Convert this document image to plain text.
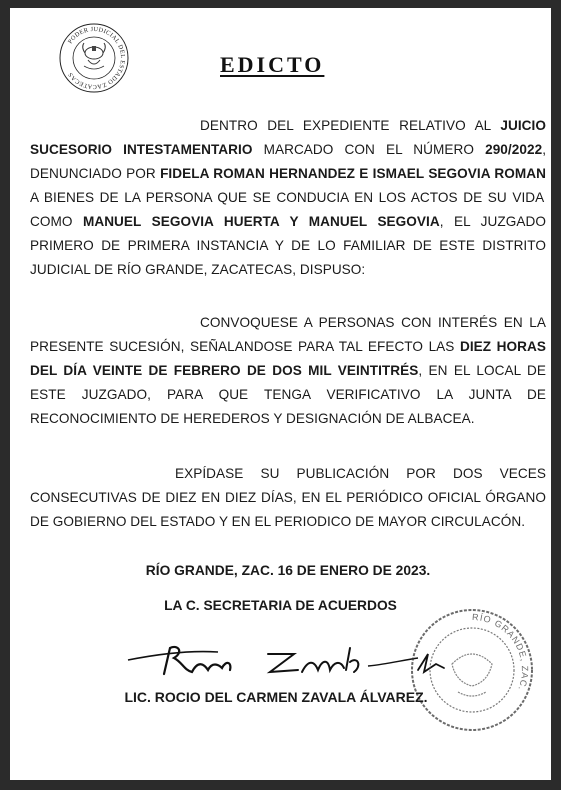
PODER JUDICIAL DEL ESTADO ZACATECAS	EDICTO

DENTRO DEL EXPEDIENTE RELATIVO AL JUICIO SUCESORIO INTESTAMENTARIO MARCADO CON EL NÚMERO 290/2022, DENUNCIADO POR FIDELA ROMAN HERNANDEZ E ISMAEL SEGOVIA ROMAN A BIENES DE LA PERSONA QUE SE CONDUCIA EN LOS ACTOS DE SU VIDA COMO MANUEL SEGOVIA HUERTA Y MANUEL SEGOVIA, EL JUZGADO PRIMERO DE PRIMERA INSTANCIA Y DE LO FAMILIAR DE ESTE DISTRITO JUDICIAL DE RÍO GRANDE, ZACATECAS, DISPUSO:

CONVOQUESE A PERSONAS CON INTERÉS EN LA PRESENTE SUCESIÓN, SEÑALANDOSE PARA TAL EFECTO LAS DIEZ HORAS DEL DÍA VEINTE DE FEBRERO DE DOS MIL VEINTITRÉS, EN EL LOCAL DE ESTE JUZGADO, PARA QUE TENGA VERIFICATIVO LA JUNTA DE RECONOCIMIENTO DE HEREDEROS Y DESIGNACIÓN DE ALBACEA.

EXPÍDASE SU PUBLICACIÓN POR DOS VECES CONSECUTIVAS DE DIEZ EN DIEZ DÍAS, EN EL PERIÓDICO OFICIAL ÓRGANO DE GOBIERNO DEL ESTADO Y EN EL PERIODICO DE MAYOR CIRCULACÓN.

RÍO GRANDE, ZAC. 16 DE ENERO DE 2023.

LA C. SECRETARIA DE ACUERDOS

RÍO GRANDE, ZAC.

LIC. ROCIO DEL CARMEN ZAVALA ÁLVAREZ.
